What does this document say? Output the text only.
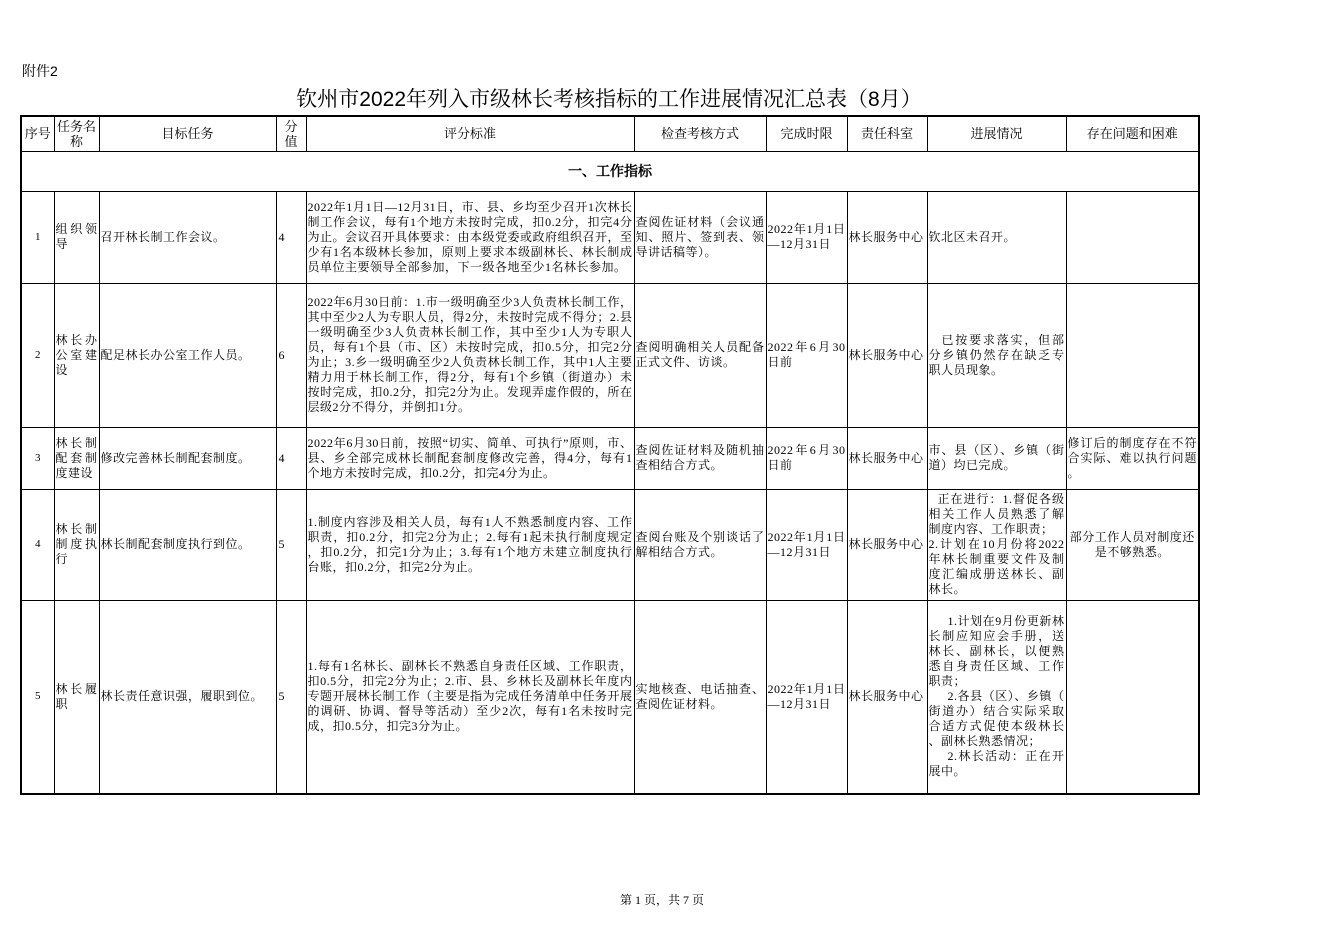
附件2
钦州市2022年列入市级林长考核指标的工作进展情况汇总表（8月）
序号	任务名称	目标任务	分值	评分标准	检查考核方式	完成时限	责任科室	进展情况	存在问题和困难
一、工作指标									
1	组织领导	召开林长制工作会议。	4	2022年1月1日—12月31日，市、县、乡均至少召开1次林长制工作会议，每有1个地方未按时完成，扣0.2分，扣完4分为止。会议召开具体要求：由本级党委或政府组织召开，至少有1名本级林长参加，原则上要求本级副林长、林长制成员单位主要领导全部参加，下一级各地至少1名林长参加。	查阅佐证材料（会议通知、照片、签到表、领导讲话稿等）。	2022年1月1日—12月31日	林长服务中心	钦北区未召开。	

2	林长办公室建设	配足林长办公室工作人员。	6	2022年6月30日前：1.市一级明确至少3人负责林长制工作，其中至少2人为专职人员，得2分，未按时完成不得分；2.县一级明确至少3人负责林长制工作，其中至少1人为专职人员，每有1个县（市、区）未按时完成，扣0.5分，扣完2分为止；3.乡一级明确至少2人负责林长制工作，其中1人主要精力用于林长制工作，得2分，每有1个乡镇（街道办）未按时完成，扣0.2分，扣完2分为止。发现弄虚作假的，所在层级2分不得分，并倒扣1分。	查阅明确相关人员配备正式文件、访谈。	2022年6月30日前	林长服务中心	已按要求落实，但部分乡镇仍然存在缺乏专职人员现象。	

3	林长制配套制度建设	修改完善林长制配套制度。	4	2022年6月30日前，按照“切实、简单、可执行”原则，市、县、乡全部完成林长制配套制度修改完善，得4分，每有1个地方未按时完成，扣0.2分，扣完4分为止。	查阅佐证材料及随机抽查相结合方式。	2022年6月30日前	林长服务中心	市、县（区）、乡镇（街道）均已完成。	修订后的制度存在不符合实际、难以执行问题。
4	林长制制度执行	林长制配套制度执行到位。	5	1.制度内容涉及相关人员，每有1人不熟悉制度内容、工作职责，扣0.2分，扣完2分为止；2.每有1起未执行制度规定，扣0.2分，扣完1分为止；3.每有1个地方未建立制度执行台账，扣0.2分，扣完2分为止。	查阅台账及个别谈话了解相结合方式。	2022年1月1日—12月31日	林长服务中心	正在进行：1.督促各级相关工作人员熟悉了解制度内容、工作职责；
2.计划在10月份将2022年林长制重要文件及制度汇编成册送林长、副林长。	部分工作人员对制度还是不够熟悉。
5	林长履职	林长责任意识强，履职到位。	5	1.每有1名林长、副林长不熟悉自身责任区域、工作职责，扣0.5分，扣完2分为止；2.市、县、乡林长及副林长年度内专题开展林长制工作（主要是指为完成任务清单中任务开展的调研、协调、督导等活动）至少2次，每有1名未按时完成，扣0.5分，扣完3分为止。	实地核查、电话抽查、查阅佐证材料。	2022年1月1日—12月31日	林长服务中心	1.计划在9月份更新林长制应知应会手册，送林长、副林长，以便熟悉自身责任区域、工作职责；
2.各县（区）、乡镇（街道办）结合实际采取合适方式促使本级林长、副林长熟悉情况；
2.林长活动：正在开展中。	

第 1 页，共 7 页
